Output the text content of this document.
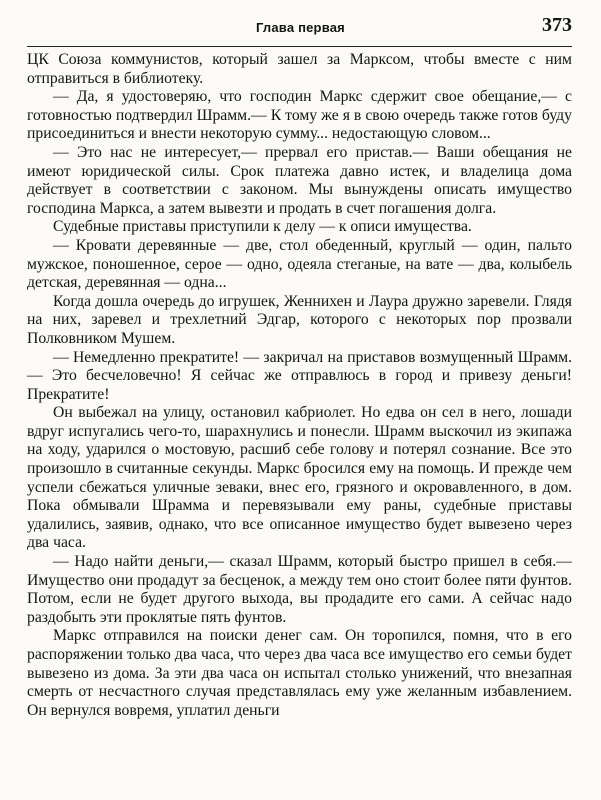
Глава первая	373

ЦК Союза коммунистов, который зашел за Марксом, чтобы вместе с ним отправиться в библиотеку.

— Да, я удостоверяю, что господин Маркс сдержит свое обещание,— с готовностью подтвердил Шрамм.— К тому же я в свою очередь также готов буду присоединиться и внести некоторую сумму... недостающую словом...

— Это нас не интересует,— прервал его пристав.— Ваши обещания не имеют юридической силы. Срок платежа давно истек, и владелица дома действует в соответствии с законом. Мы вынуждены описать имущество господина Маркса, а затем вывезти и продать в счет погашения долга.

Судебные приставы приступили к делу — к описи имущества.

— Кровати деревянные — две, стол обеденный, круглый — один, пальто мужское, поношенное, серое — одно, одеяла стеганые, на вате — два, колыбель детская, деревянная — одна...

Когда дошла очередь до игрушек, Женнихен и Лаура дружно заревели. Глядя на них, заревел и трехлетний Эдгар, которого с некоторых пор прозвали Полковником Мушем.

— Немедленно прекратите! — закричал на приставов возмущенный Шрамм.— Это бесчеловечно! Я сейчас же отправлюсь в город и привезу деньги! Прекратите!

Он выбежал на улицу, остановил кабриолет. Но едва он сел в него, лошади вдруг испугались чего-то, шарахнулись и понесли. Шрамм выскочил из экипажа на ходу, ударился о мостовую, расшиб себе голову и потерял сознание. Все это произошло в считанные секунды. Маркс бросился ему на помощь. И прежде чем успели сбежаться уличные зеваки, внес его, грязного и окровавленного, в дом. Пока обмывали Шрамма и перевязывали ему раны, судебные приставы удалились, заявив, однако, что все описанное имущество будет вывезено через два часа.

— Надо найти деньги,— сказал Шрамм, который быстро пришел в себя.— Имущество они продадут за бесценок, а между тем оно стоит более пяти фунтов. Потом, если не будет другого выхода, вы продадите его сами. А сейчас надо раздобыть эти проклятые пять фунтов.

Маркс отправился на поиски денег сам. Он торопился, помня, что в его распоряжении только два часа, что через два часа все имущество его семьи будет вывезено из дома. За эти два часа он испытал столько унижений, что внезапная смерть от несчастного случая представлялась ему уже желанным избавлением. Он вернулся вовремя, уплатил деньги
